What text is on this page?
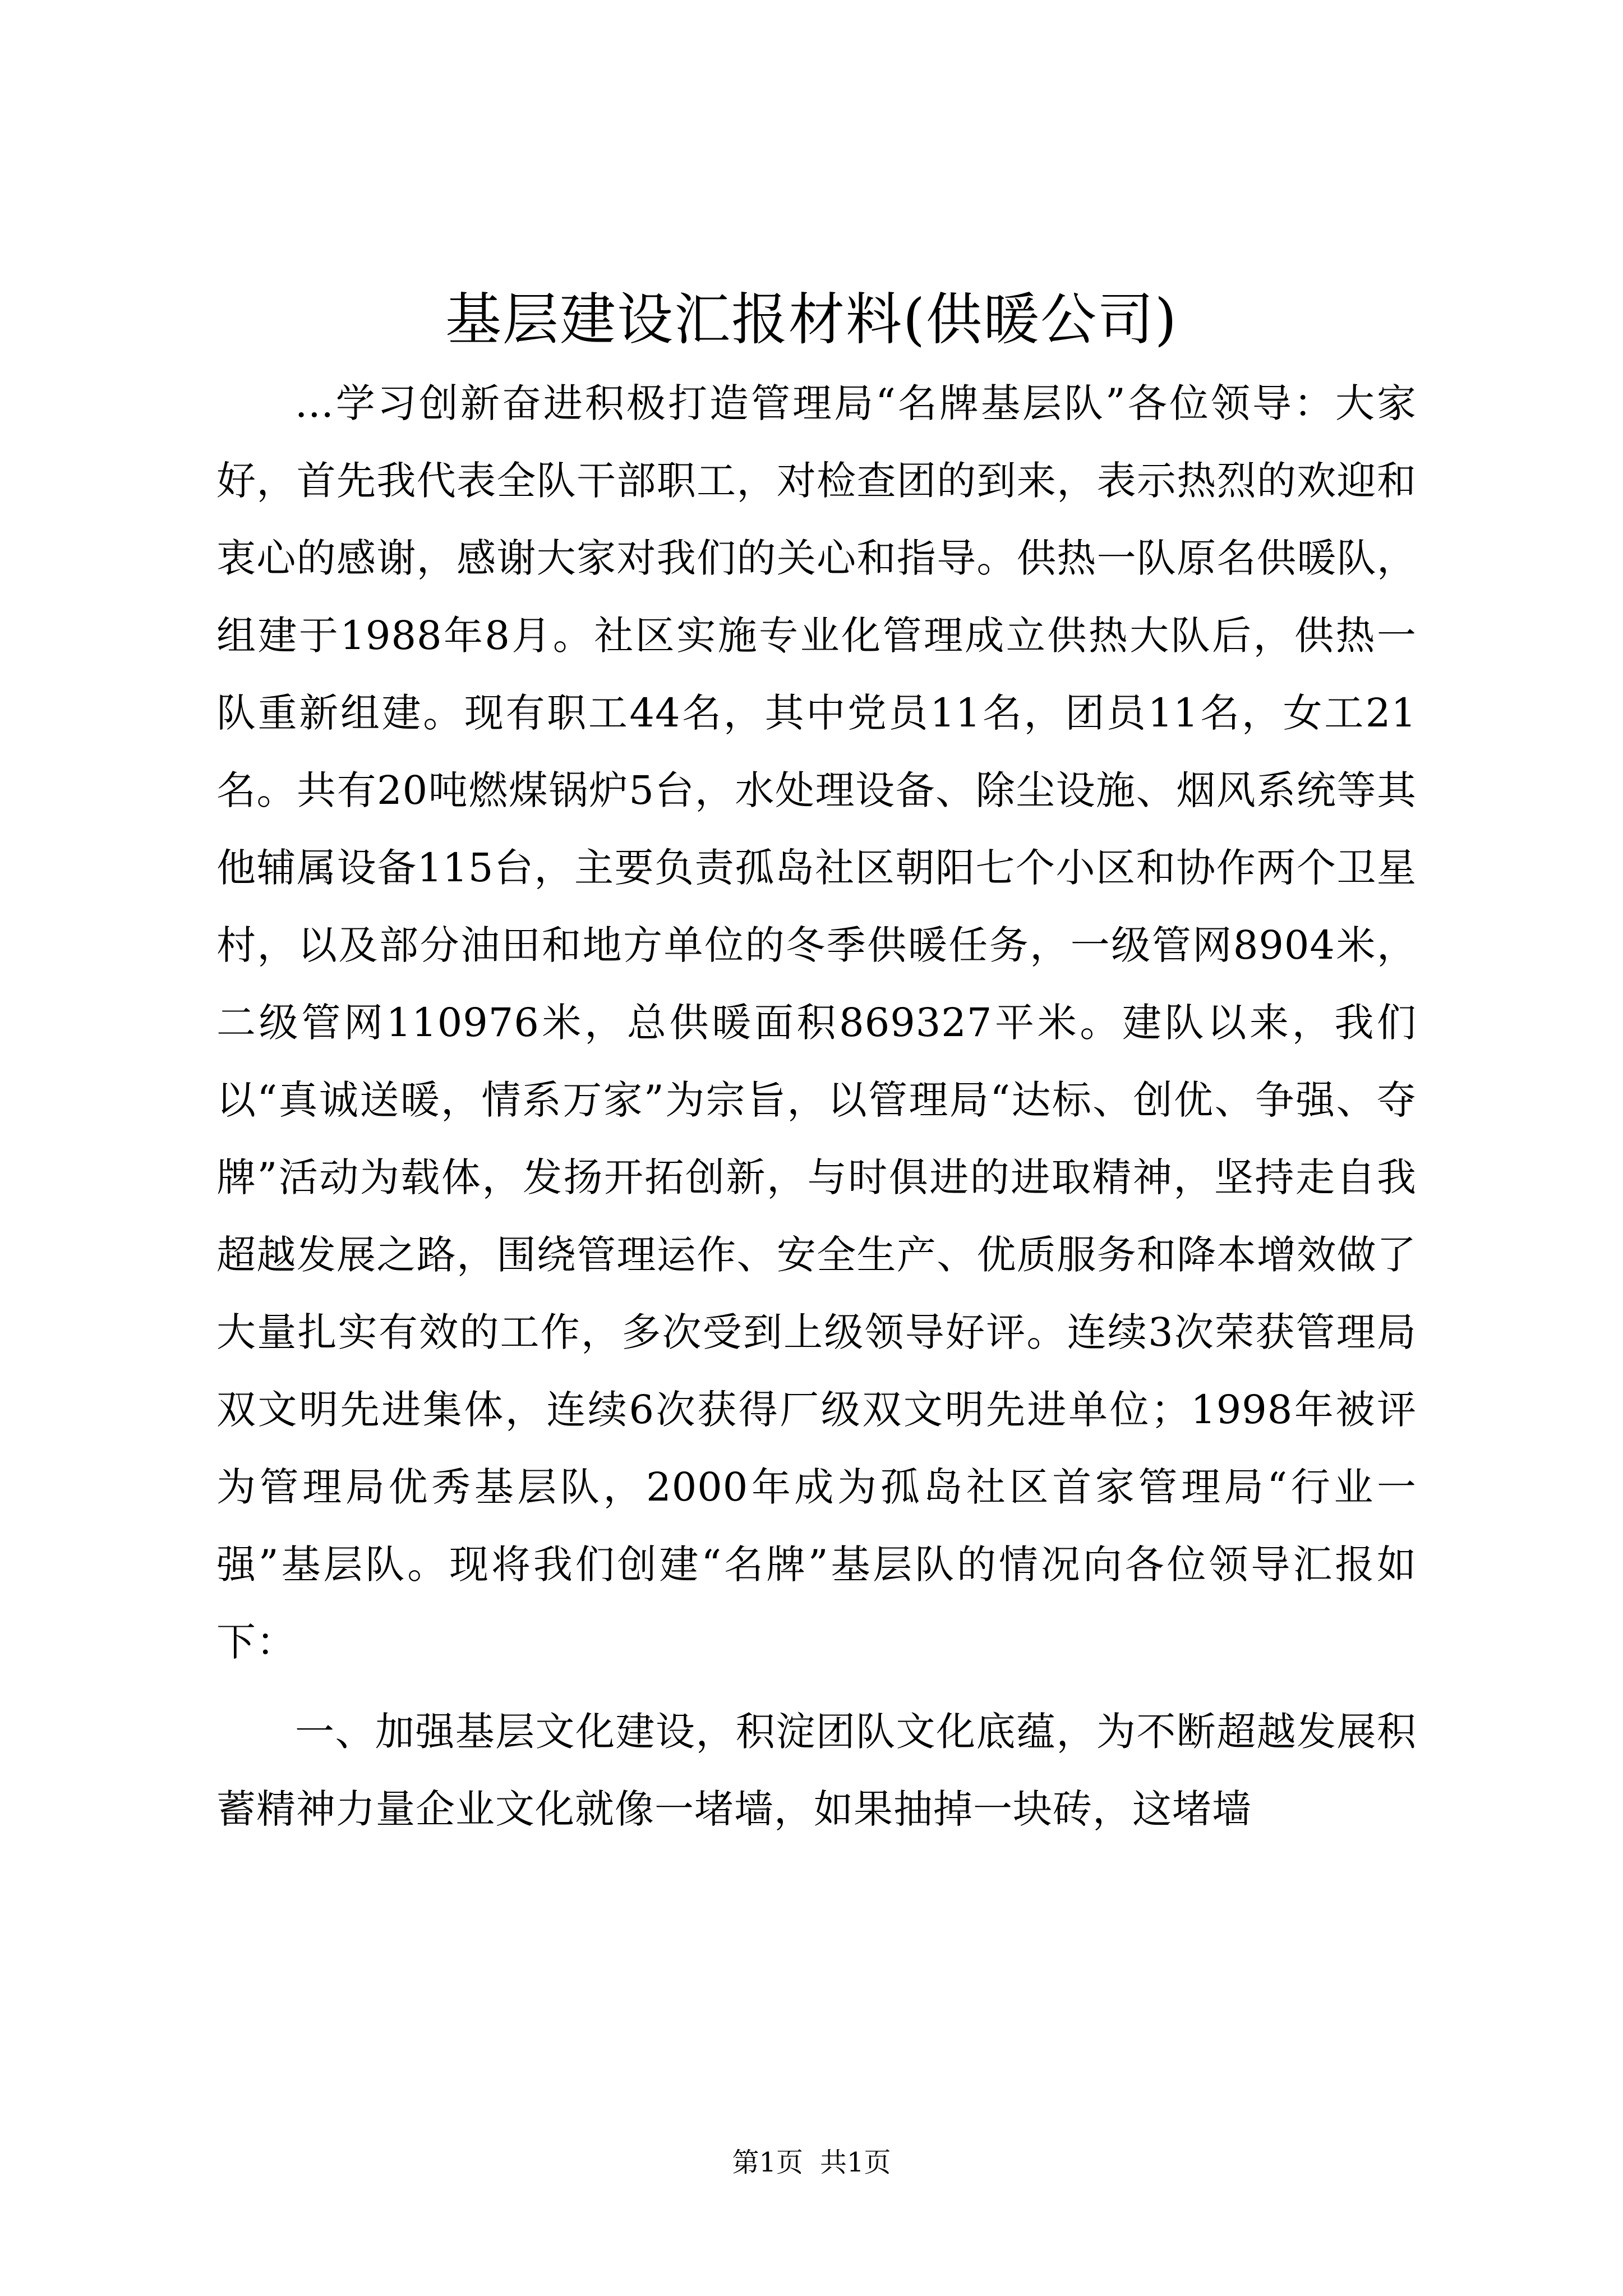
基层建设汇报材料(供暖公司)

...学习创新奋进积极打造管理局“名牌基层队”各位领导：大家好，首先我代表全队干部职工，对检查团的到来，表示热烈的欢迎和衷心的感谢，感谢大家对我们的关心和指导。供热一队原名供暖队，组建于1988年8月。社区实施专业化管理成立供热大队后，供热一队重新组建。现有职工44名，其中党员11名，团员11名，女工21名。共有20吨燃煤锅炉5台，水处理设备、除尘设施、烟风系统等其他辅属设备115台，主要负责孤岛社区朝阳七个小区和协作两个卫星村，以及部分油田和地方单位的冬季供暖任务，一级管网8904米，二级管网110976米，总供暖面积869327平米。建队以来，我们以“真诚送暖，情系万家”为宗旨，以管理局“达标、创优、争强、夺牌”活动为载体，发扬开拓创新，与时俱进的进取精神，坚持走自我超越发展之路，围绕管理运作、安全生产、优质服务和降本增效做了大量扎实有效的工作，多次受到上级领导好评。连续3次荣获管理局双文明先进集体，连续6次获得厂级双文明先进单位；1998年被评为管理局优秀基层队，2000年成为孤岛社区首家管理局“行业一强”基层队。现将我们创建“名牌”基层队的情况向各位领导汇报如下：

一、加强基层文化建设，积淀团队文化底蕴，为不断超越发展积蓄精神力量企业文化就像一堵墙，如果抽掉一块砖，这堵墙

第1页 共1页
